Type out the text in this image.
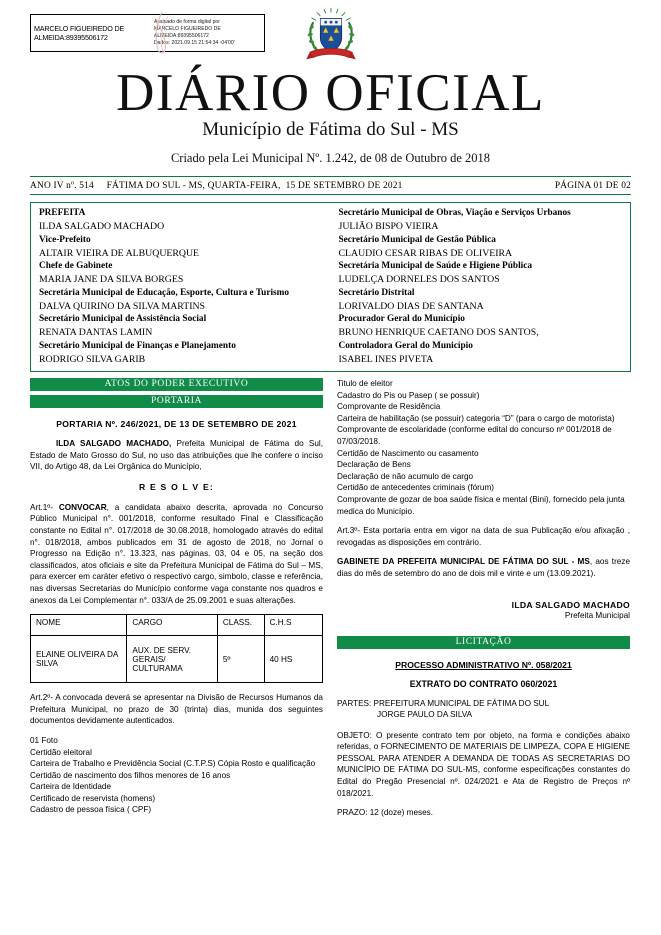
MARCELO FIGUEIREDO DE
ALMEIDA:89395506172
Assinado de forma digital por
MARCELO FIGUEIREDO DE
ALMEIDA:89395506172
Dados: 2021.09.15 21:54:34 -04'00'
DIÁRIO OFICIAL
Município de Fátima do Sul - MS
Criado pela Lei Municipal Nº. 1.242, de 08 de Outubro de 2018
ANO IV nº. 514     FÁTIMA DO SUL - MS, QUARTA-FEIRA,  15 DE SETEMBRO DE 2021	PÁGINA 01 DE 02
PREFEITA
ILDA SALGADO MACHADO
Vice-Prefeito
ALTAIR VIEIRA DE ALBUQUERQUE
Chefe de Gabinete
MARIA JANE DA SILVA BORGES
Secretária Municipal de Educação, Esporte, Cultura e Turismo
DALVA QUIRINO DA SILVA MARTINS
Secretário Municipal de Assistência Social
RENATA DANTAS LAMIN
Secretário Municipal de Finanças e Planejamento
RODRIGO SILVA GARIB
Secretário Municipal de Obras, Viação e Serviços Urbanos
JULIÃO BISPO VIEIRA
Secretário Municipal de Gestão Pública
CLAUDIO CESAR RIBAS DE OLIVEIRA
Secretária Municipal de Saúde e Higiene Pública
LUDELÇA DORNELES DOS SANTOS
Secretário Distrital
LORIVALDO DIAS DE SANTANA
Procurador Geral do Município
BRUNO HENRIQUE CAETANO DOS SANTOS,
Controladora Geral do Município
ISABEL INES PIVETA
ATOS DO PODER EXECUTIVO
PORTARIA
PORTARIA Nº. 246/2021, DE 13 DE SETEMBRO DE 2021

ILDA SALGADO MACHADO, Prefeita Municipal de Fátima do Sul, Estado de Mato Grosso do Sul, no uso das atribuições que lhe confere o inciso VII, do Artigo 48, da Lei Orgânica do Município,

R E S O L V E:

Art.1º- CONVOCAR, a candidata abaixo descrita, aprovada no Concurso Público Municipal n°. 001/2018, conforme resultado Final e Classificação constante no Edital n°. 017/2018 de 30.08.2018, homologado através do edital n°. 018/2018, ambos publicados em 31 de agosto de 2018, no Jornal o Progresso na Edição n°. 13.323, nas páginas. 03, 04 e 05, na seção dos classificados, atos oficiais e site da Prefeitura Municipal de Fátima do Sul – MS, para exercer em caráter efetivo o respectivo cargo, simbolo, classe e referência, nas diversas Secretarias do Município conforme vaga constante nos quadros e anexos da Lei Complementar n°. 033/A de 25.09.2001 e suas alterações.

NOME	CARGO	CLASS.	C.H.S
ELAINE OLIVEIRA DA SILVA	AUX. DE SERV. GERAIS/ CULTURAMA	5º	40 HS

Art.2º- A convocada deverá se apresentar na Divisão de Recursos Humanos da Prefeitura Municipal, no prazo de 30 (trinta) dias, munida dos seguintes documentos devidamente autenticados.

01 Foto
Certidão eleitoral
Carteira de Trabalho e Previdência Social (C.T.P.S) Cópia Rosto e qualificação
Certidão de nascimento dos filhos menores de 16 anos
Carteira de Identidade
Certificado de reservista (homens)
Cadastro de pessoa física ( CPF)
Titulo de eleitor
Cadastro do Pis ou Pasep ( se possuir)
Comprovante de Residência
Carteira de habilitação (se possuir) categoria “D” (para o cargo de motorista)
Comprovante de escolaridade (conforme edital do concurso nº 001/2018 de 07/03/2018.
Certidão de Nascimento ou casamento
Declaração de Bens
Declaração de não acumulo de cargo
Certidão de antecedentes criminais (fórum)
Comprovante de gozar de boa saúde física e mental (Bini), fornecido pela junta medica do Município.

Art.3º- Esta portaria entra em vigor na data de sua Publicação e/ou afixação , revogadas as disposições em contrário.

GABINETE DA PREFEITA MUNICIPAL DE FÁTIMA DO SUL - MS, aos treze dias do mês de setembro do ano de dois mil e vinte e um (13.09.2021).

ILDA SALGADO MACHADO
Prefeita Municipal
LICITAÇÃO
PROCESSO ADMINISTRATIVO Nº. 058/2021
EXTRATO DO CONTRATO 060/2021
PARTES: PREFEITURA MUNICIPAL DE FÁTIMA DO SUL
JORGE PAULO DA SILVA

OBJETO: O presente contrato tem por objeto, na forma e condições abaixo referidas, o FORNECIMENTO DE MATERIAIS DE LIMPEZA, COPA E HIGIENE PESSOAL PARA ATENDER A DEMANDA DE TODAS AS SECRETARIAS DO MUNICÍPIO DE FÁTIMA DO SUL-MS, conforme especificações constantes do Edital do Pregão Presencial nº. 024/2021 e Ata de Registro de Preços nº 018/2021.

PRAZO: 12 (doze) meses.
